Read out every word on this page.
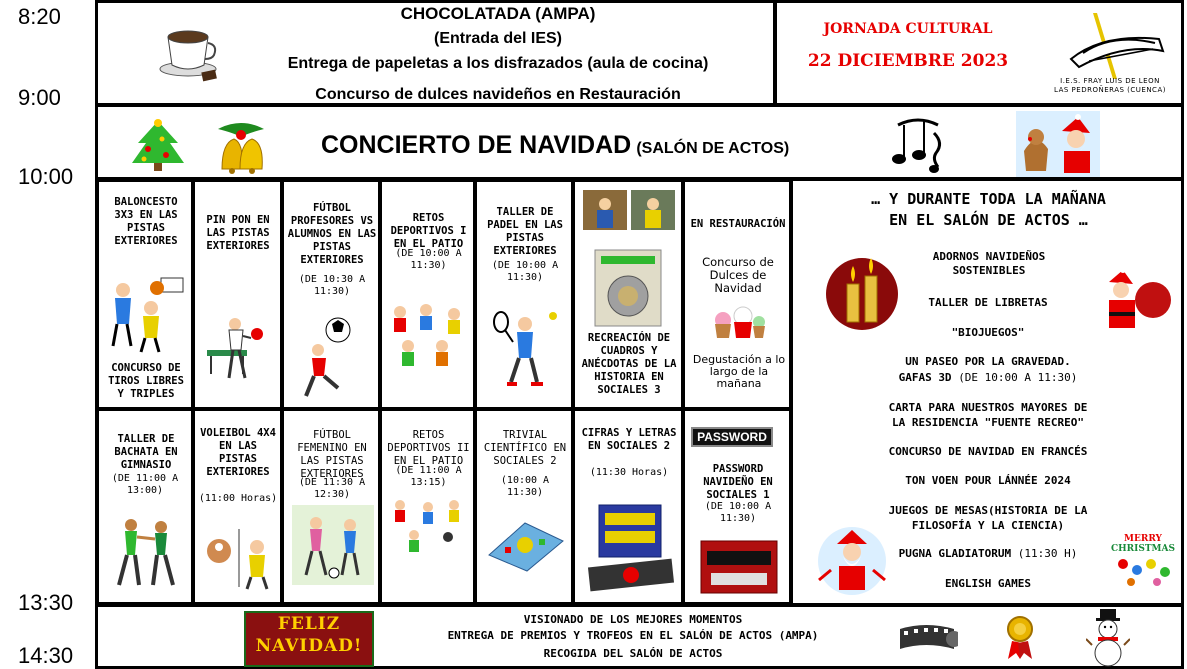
8:20
9:00
10:00
13:30
14:30
CHOCOLATADA (AMPA)
(Entrada del IES)
Entrega de papeletas a los disfrazados (aula de cocina)
Concurso de dulces navideños en Restauración
JORNADA CULTURAL
22 DICIEMBRE 2023
I.E.S. FRAY LUIS DE LEON
LAS PEDROÑERAS (CUENCA)
CONCIERTO DE NAVIDAD (SALÓN DE ACTOS)
BALONCESTO 3X3 EN LAS PISTAS EXTERIORES
CONCURSO DE TIROS LIBRES Y TRIPLES
PIN PON EN LAS PISTAS EXTERIORES
FÚTBOL PROFESORES VS ALUMNOS EN LAS PISTAS EXTERIORES
(DE 10:30 A 11:30)
RETOS DEPORTIVOS I EN EL PATIO
(DE 10:00 A 11:30)
TALLER DE PADEL EN LAS PISTAS EXTERIORES
(DE 10:00 A 11:30)
RECREACIÓN DE CUADROS Y ANÉCDOTAS DE LA HISTORIA EN SOCIALES 3
EN RESTAURACIÓN
Concurso de Dulces de Navidad
Degustación a lo largo de la mañana
TALLER DE BACHATA EN GIMNASIO
(DE 11:00 A 13:00)
VOLEIBOL 4X4 EN LAS PISTAS EXTERIORES
(11:00 Horas)
FÚTBOL FEMENINO EN LAS PISTAS EXTERIORES
(DE 11:30 A 12:30)
RETOS DEPORTIVOS II EN EL PATIO
(DE 11:00 A 13:15)
TRIVIAL CIENTÍFICO EN SOCIALES 2
(10:00 A 11:30)
CIFRAS Y LETRAS EN SOCIALES 2
(11:30 Horas)
PASSWORD
PASSWORD NAVIDEÑO EN SOCIALES 1
(DE 10:00 A 11:30)
… Y DURANTE TODA LA MAÑANA
EN EL SALÓN DE ACTOS …
ADORNOS NAVIDEÑOS SOSTENIBLES
TALLER DE LIBRETAS
"BIOJUEGOS"
UN PASEO POR LA GRAVEDAD.
GAFAS 3D (DE 10:00 A 11:30)
CARTA PARA NUESTROS MAYORES DE
LA RESIDENCIA "FUENTE RECREO"
CONCURSO DE NAVIDAD EN FRANCÉS
TON VOEN POUR LÁNNÉE 2024
JUEGOS DE MESAS(HISTORIA DE LA
FILOSOFÍA Y LA CIENCIA)
PUGNA GLADIATORUM (11:30 H)
ENGLISH GAMES
MERRY
CHRISTMAS
FELIZ
NAVIDAD!
VISIONADO DE LOS MEJORES MOMENTOS
ENTREGA DE PREMIOS Y TROFEOS EN EL SALÓN DE ACTOS (AMPA)
RECOGIDA DEL SALÓN DE ACTOS
